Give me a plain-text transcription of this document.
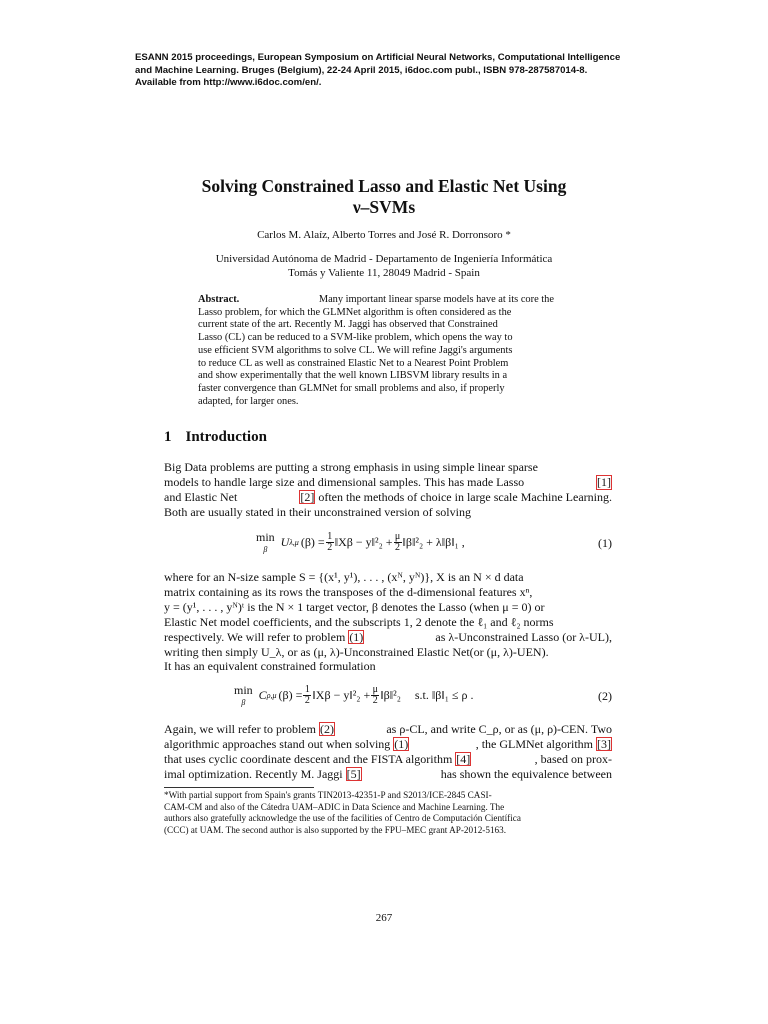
ESANN 2015 proceedings, European Symposium on Artificial Neural Networks, Computational Intelligence
and Machine Learning. Bruges (Belgium), 22-24 April 2015, i6doc.com publ., ISBN 978-287587014-8.
Available from http://www.i6doc.com/en/.
Solving Constrained Lasso and Elastic Net Using
ν–SVMs
Carlos M. Alaíz, Alberto Torres and José R. Dorronsoro *
Universidad Autónoma de Madrid - Departamento de Ingeniería Informática
Tomás y Valiente 11, 28049 Madrid - Spain
Abstract.	Many important linear sparse models have at its core the
Lasso problem, for which the GLMNet algorithm is often considered as the
current state of the art. Recently M. Jaggi has observed that Constrained
Lasso (CL) can be reduced to a SVM-like problem, which opens the way to
use efficient SVM algorithms to solve CL. We will refine Jaggi's arguments
to reduce CL as well as constrained Elastic Net to a Nearest Point Problem
and show experimentally that the well known LIBSVM library results in a
faster convergence than GLMNet for small problems and also, if properly
adapted, for larger ones.
1 Introduction
Big Data problems are putting a strong emphasis in using simple linear sparse
models to handle large size and dimensional samples. This has made Lasso	[1]
and Elastic Net	[2] often the methods of choice in large scale Machine Learning.
Both are usually stated in their unconstrained version of solving
min
β
U λ,μ $(\beta) = \frac{1}{2}$ ‖Xβ − y‖²₂ + $\frac{\mu}{2}$ ‖β‖²₂ + λ‖β‖₁ ,	(1)
where for an N-size sample S = {(x¹, y¹), . . . , (xᴺ, yᴺ)}, X is an N × d data
matrix containing as its rows the transposes of the d-dimensional features xⁿ,
y = (y¹, . . . , yᴺ)ᵗ is the N × 1 target vector, β denotes the Lasso (when μ = 0) or
Elastic Net model coefficients, and the subscripts 1, 2 denote the ℓ₁ and ℓ₂ norms
respectively. We will refer to problem (1)	as λ-Unconstrained Lasso (or λ-UL),
writing then simply U_λ, or as (μ, λ)-Unconstrained Elastic Net(or (μ, λ)-UEN).
It has an equivalent constrained formulation
min
β
C ρ,μ $(\beta) = \frac{1}{2}$ ‖Xβ − y‖²₂ + $\frac{\mu}{2}$ ‖β‖²₂ s.t. ‖β‖₁ ≤ ρ .	(2)
Again, we will refer to problem (2)	as ρ-CL, and write C_ρ, or as (μ, ρ)-CEN. Two
algorithmic approaches stand out when solving (1)	, the GLMNet algorithm [3]
that uses cyclic coordinate descent and the FISTA algorithm [4]	, based on prox-
imal optimization. Recently M. Jaggi [5]	has shown the equivalence between
*With partial support from Spain's grants TIN2013-42351-P and S2013/ICE-2845 CASI-
CAM-CM and also of the Cátedra UAM–ADIC in Data Science and Machine Learning. The
authors also gratefully acknowledge the use of the facilities of Centro de Computación Científica
(CCC) at UAM. The second author is also supported by the FPU–MEC grant AP-2012-5163.
267
